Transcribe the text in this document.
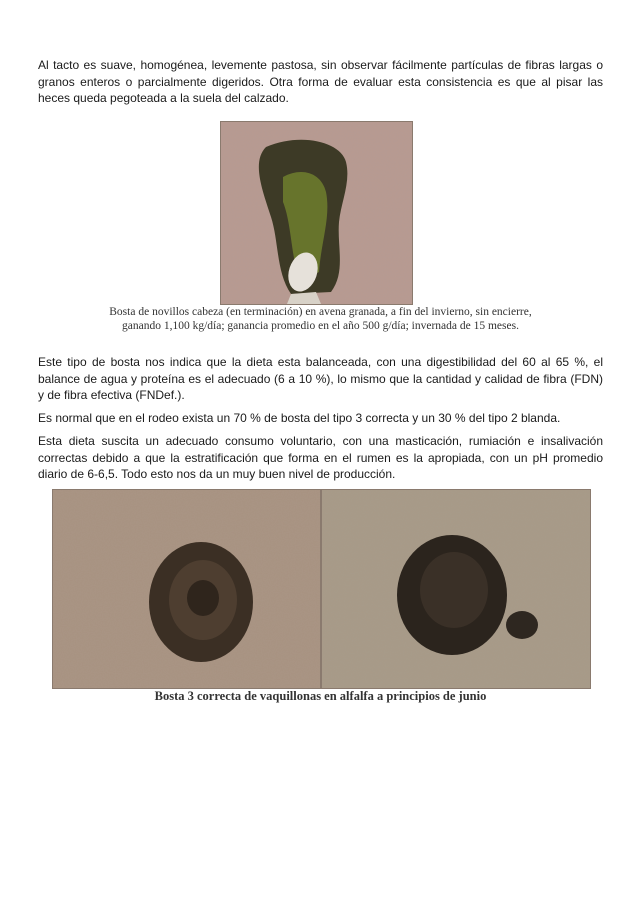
Al tacto es suave, homogénea, levemente pastosa, sin observar fácilmente partículas de fibras largas o granos enteros o parcialmente digeridos. Otra forma de evaluar esta consistencia es que al pisar las heces queda pegoteada a la suela del calzado.

Bosta de novillos cabeza (en terminación) en avena granada, a fin del invierno, sin encierre,

ganando 1,100 kg/día; ganancia promedio en el año 500 g/día; invernada de 15 meses.

Este tipo de bosta nos indica que la dieta esta balanceada, con una digestibilidad del 60 al 65 %, el balance de agua y proteína es el adecuado (6 a 10 %), lo mismo que la cantidad y calidad de fibra (FDN) y de fibra efectiva (FNDef.).

Es normal que en el rodeo exista un 70 % de bosta del tipo 3 correcta y un 30 % del tipo 2 blanda.

Esta dieta suscita un adecuado consumo voluntario, con una masticación, rumiación e insalivación correctas debido a que la estratificación que forma en el rumen es la apropiada, con un pH promedio diario de 6-6,5. Todo esto nos da un muy buen nivel de producción.

Bosta 3 correcta de vaquillonas en alfalfa a principios de junio
